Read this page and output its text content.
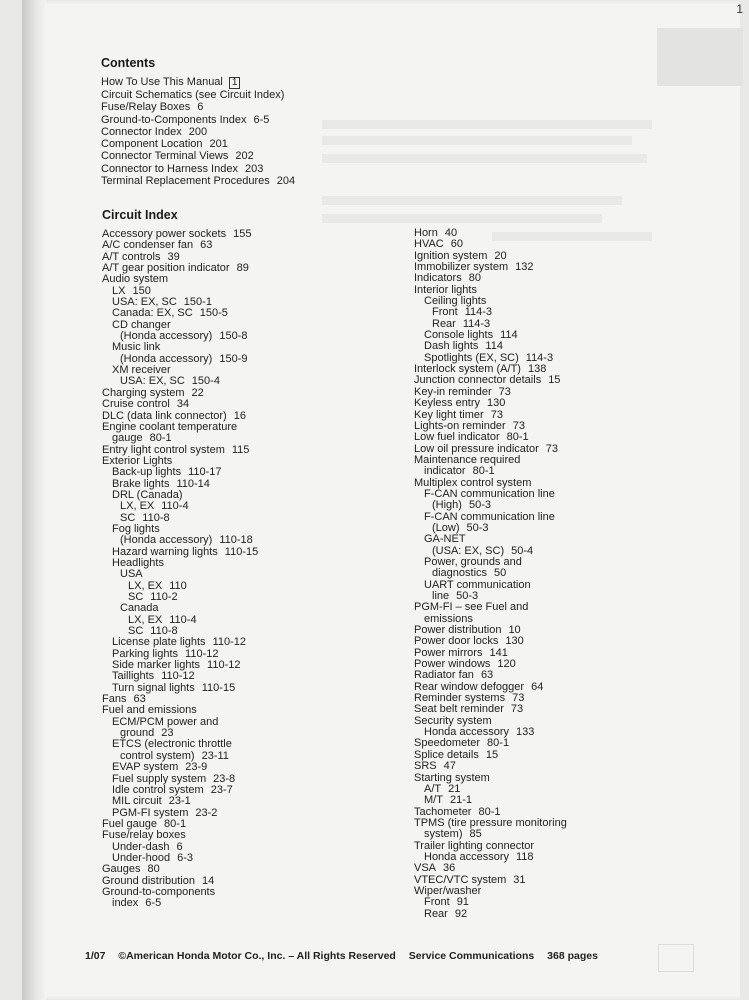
1
Contents
How To Use This Manual 1
Circuit Schematics (see Circuit Index)
Fuse/Relay Boxes 6
Ground-to-Components Index 6-5
Connector Index 200
Component Location 201
Connector Terminal Views 202
Connector to Harness Index 203
Terminal Replacement Procedures 204
Circuit Index
Accessory power sockets 155
A/C condenser fan 63
A/T controls 39
A/T gear position indicator 89
Audio system
LX 150
USA: EX, SC 150-1
Canada: EX, SC 150-5
CD changer
(Honda accessory) 150-8
Music link
(Honda accessory) 150-9
XM receiver
USA: EX, SC 150-4
Charging system 22
Cruise control 34
DLC (data link connector) 16
Engine coolant temperature
gauge 80-1
Entry light control system 115
Exterior Lights
Back-up lights 110-17
Brake lights 110-14
DRL (Canada)
LX, EX 110-4
SC 110-8
Fog lights
(Honda accessory) 110-18
Hazard warning lights 110-15
Headlights
USA
LX, EX 110
SC 110-2
Canada
LX, EX 110-4
SC 110-8
License plate lights 110-12
Parking lights 110-12
Side marker lights 110-12
Taillights 110-12
Turn signal lights 110-15
Fans 63
Fuel and emissions
ECM/PCM power and
ground 23
ETCS (electronic throttle
control system) 23-11
EVAP system 23-9
Fuel supply system 23-8
Idle control system 23-7
MIL circuit 23-1
PGM-FI system 23-2
Fuel gauge 80-1
Fuse/relay boxes
Under-dash 6
Under-hood 6-3
Gauges 80
Ground distribution 14
Ground-to-components
index 6-5
Horn 40
HVAC 60
Ignition system 20
Immobilizer system 132
Indicators 80
Interior lights
Ceiling lights
Front 114-3
Rear 114-3
Console lights 114
Dash lights 114
Spotlights (EX, SC) 114-3
Interlock system (A/T) 138
Junction connector details 15
Key-in reminder 73
Keyless entry 130
Key light timer 73
Lights-on reminder 73
Low fuel indicator 80-1
Low oil pressure indicator 73
Maintenance required
indicator 80-1
Multiplex control system
F-CAN communication line
(High) 50-3
F-CAN communication line
(Low) 50-3
GA-NET
(USA: EX, SC) 50-4
Power, grounds and
diagnostics 50
UART communication
line 50-3
PGM-FI – see Fuel and
emissions
Power distribution 10
Power door locks 130
Power mirrors 141
Power windows 120
Radiator fan 63
Rear window defogger 64
Reminder systems 73
Seat belt reminder 73
Security system
Honda accessory 133
Speedometer 80-1
Splice details 15
SRS 47
Starting system
A/T 21
M/T 21-1
Tachometer 80-1
TPMS (tire pressure monitoring
system) 85
Trailer lighting connector
Honda accessory 118
VSA 36
VTEC/VTC system 31
Wiper/washer
Front 91
Rear 92
1/07 ©American Honda Motor Co., Inc. – All Rights Reserved Service Communications 368 pages
